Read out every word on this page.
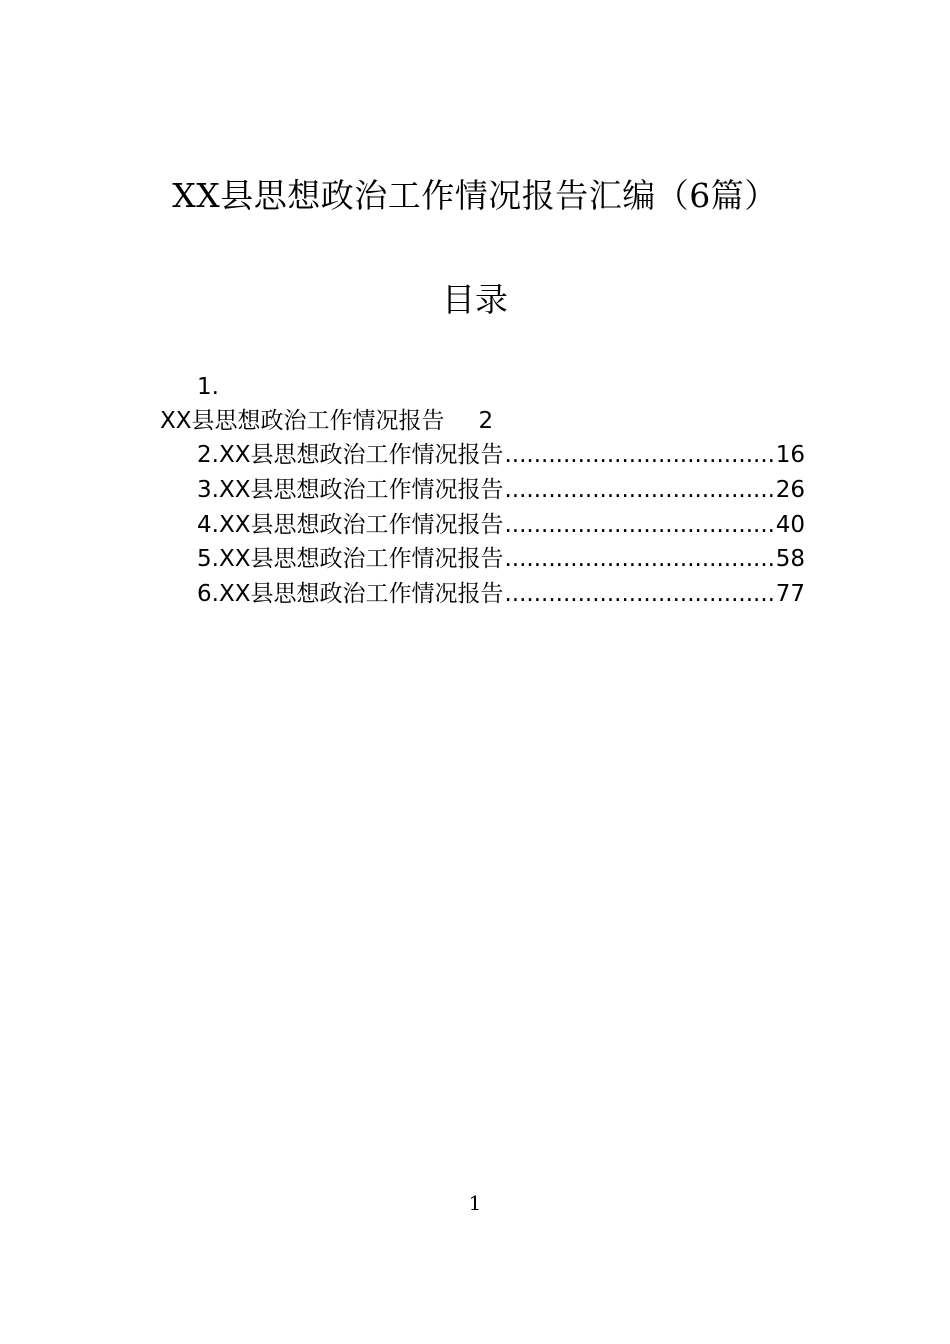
XX县思想政治工作情况报告汇编（6篇）
目录
1.
XX县思想政治工作情况报告 2
2.XX县思想政治工作情况报告 .....	16
3.XX县思想政治工作情况报告 .....	26
4.XX县思想政治工作情况报告 .....	40
5.XX县思想政治工作情况报告 .....	58
6.XX县思想政治工作情况报告 .....	77
1
